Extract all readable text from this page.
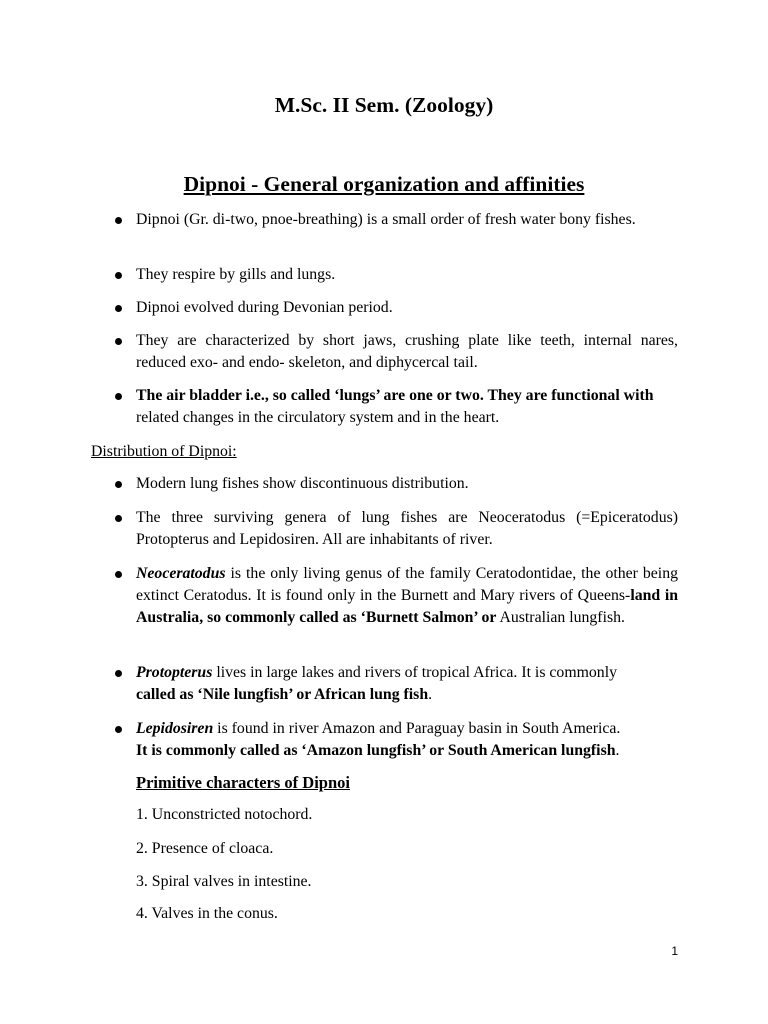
M.Sc. II Sem. (Zoology)
Dipnoi - General organization and affinities
Dipnoi (Gr. di-two, pnoe-breathing) is a small order of fresh water bony fishes.
They respire by gills and lungs.
Dipnoi evolved during Devonian period.
They are characterized by short jaws, crushing plate like teeth, internal nares, reduced exo- and endo- skeleton, and diphycercal tail.
The air bladder i.e., so called ‘lungs’ are one or two. They are functional with
related changes in the circulatory system and in the heart.

Distribution of Dipnoi:

Modern lung fishes show discontinuous distribution.
The three surviving genera of lung fishes are Neoceratodus (=Epiceratodus) Protopterus and Lepidosiren. All are inhabitants of river.
Neoceratodus is the only living genus of the family Ceratodontidae, the other being extinct Ceratodus. It is found only in the Burnett and Mary rivers of Queens-land in Australia, so commonly called as ‘Burnett Salmon’ or Australian lungfish.
Protopterus lives in large lakes and rivers of tropical Africa. It is commonly
called as ‘Nile lungfish’ or African lung fish.
Lepidosiren is found in river Amazon and Paraguay basin in South America.
It is commonly called as ‘Amazon lungfish’ or South American lungfish.

Primitive characters of Dipnoi

1. Unconstricted notochord.

2. Presence of cloaca.

3. Spiral valves in intestine.

4. Valves in the conus.

1
